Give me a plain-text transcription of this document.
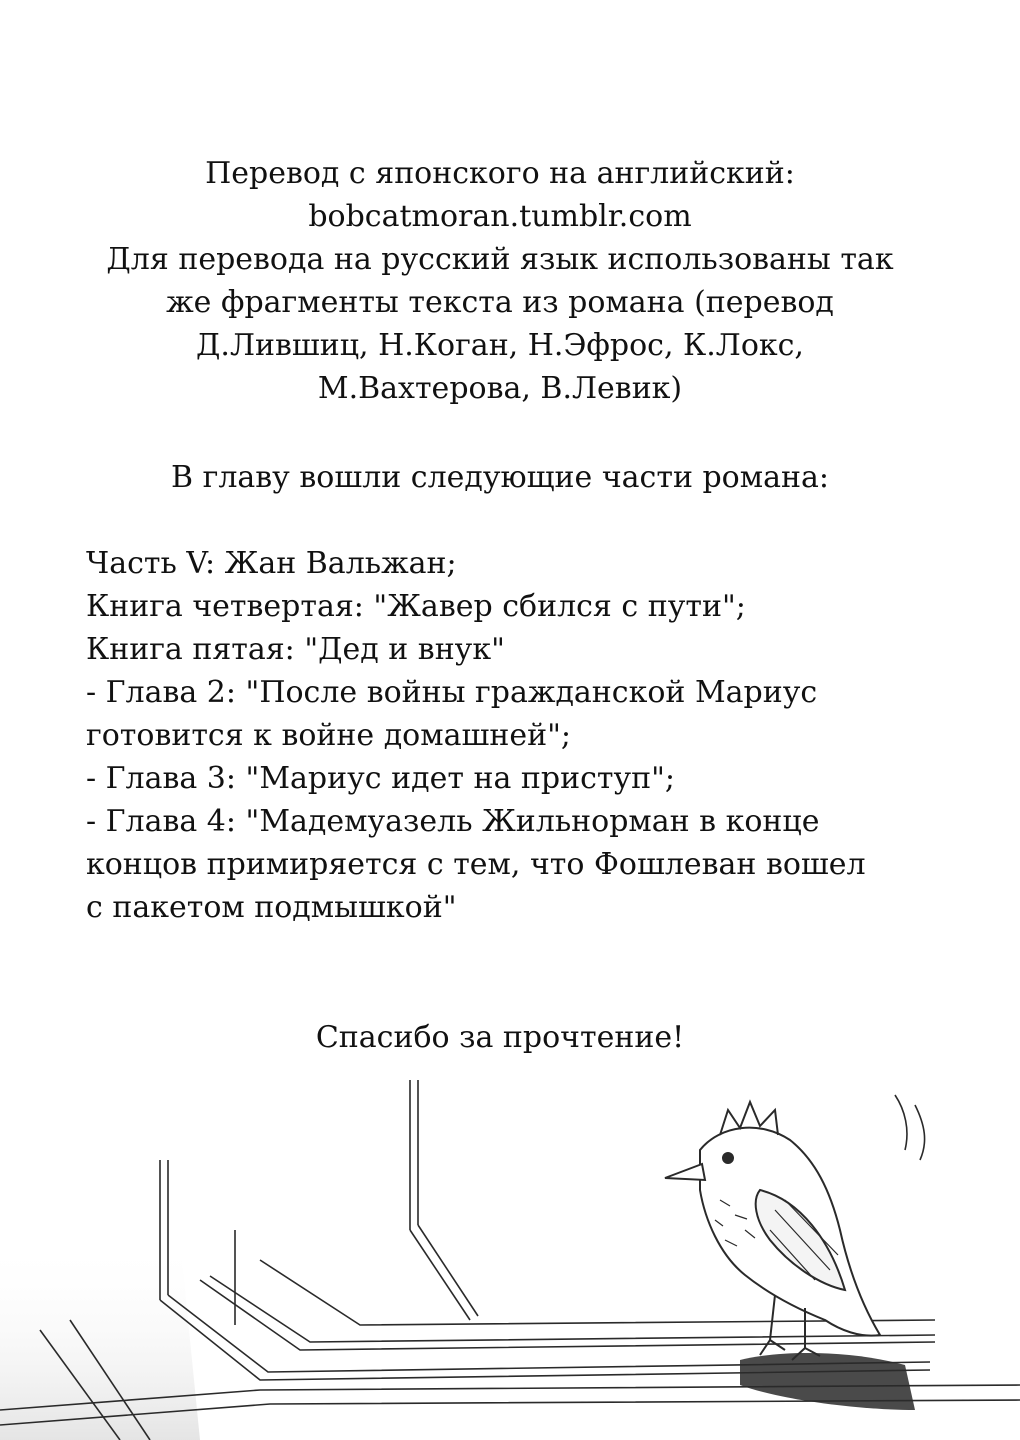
Перевод с японского на английский:
bobcatmoran.tumblr.com
Для перевода на русский язык использованы так
же фрагменты текста из романа (перевод
Д.Лившиц, Н.Коган, Н.Эфрос, К.Локс,
М.Вахтерова, В.Левик)
В главу вошли следующие части романа:
Часть V: Жан Вальжан;
Книга четвертая: "Жавер сбился с пути";
Книга пятая: "Дед и внук"
- Глава 2: "После войны гражданской Мариус
готовится к войне домашней";
- Глава 3: "Мариус идет на приступ";
- Глава 4: "Мадемуазель Жильнорман в конце
концов примиряется с тем, что Фошлеван вошел
с пакетом подмышкой"
Спасибо за прочтение!
